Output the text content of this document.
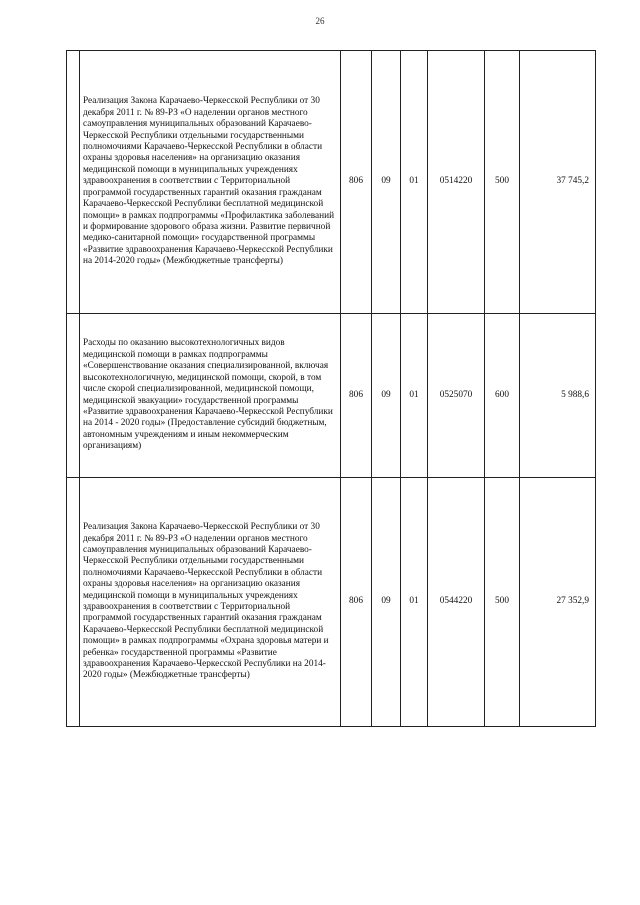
26
	Реализация Закона Карачаево-Черкесской Республики от 30 декабря 2011 г. № 89-РЗ «О наделении органов местного самоуправления муниципальных образований Карачаево-Черкесской Республики отдельными государственными полномочиями Карачаево-Черкесской Республики в области охраны здоровья населения» на организацию оказания медицинской помощи в муниципальных учреждениях здравоохранения в соответствии с Территориальной программой государственных гарантий оказания гражданам Карачаево-Черкесской Республики бесплатной медицинской помощи» в рамках подпрограммы «Профилактика заболеваний и формирование здорового образа жизни. Развитие первичной медико-санитарной помощи» государственной программы «Развитие здравоохранения Карачаево-Черкесской Республики на 2014-2020 годы» (Межбюджетные трансферты)	806	09	01	0514220	500	37 745,2
	Расходы по оказанию высокотехнологичных видов медицинской помощи в рамках подпрограммы «Совершенствование оказания специализированной, включая высокотехнологичную, медицинской помощи, скорой, в том числе скорой специализированной, медицинской помощи, медицинской эвакуации» государственной программы «Развитие здравоохранения Карачаево-Черкесской Республики на 2014 - 2020 годы» (Предоставление субсидий бюджетным, автономным учреждениям и иным некоммерческим организациям)	806	09	01	0525070	600	5 988,6
	Реализация Закона Карачаево-Черкесской Республики от 30 декабря 2011 г. № 89-РЗ «О наделении органов местного самоуправления муниципальных образований Карачаево-Черкесской Республики отдельными государственными полномочиями Карачаево-Черкесской Республики в области охраны здоровья населения» на организацию оказания медицинской помощи в муниципальных учреждениях здравоохранения в соответствии с Территориальной программой государственных гарантий оказания гражданам Карачаево-Черкесской Республики бесплатной медицинской помощи» в рамках подпрограммы «Охрана здоровья матери и ребенка» государственной программы «Развитие здравоохранения Карачаево-Черкесской Республики на 2014-2020 годы» (Межбюджетные трансферты)	806	09	01	0544220	500	27 352,9
